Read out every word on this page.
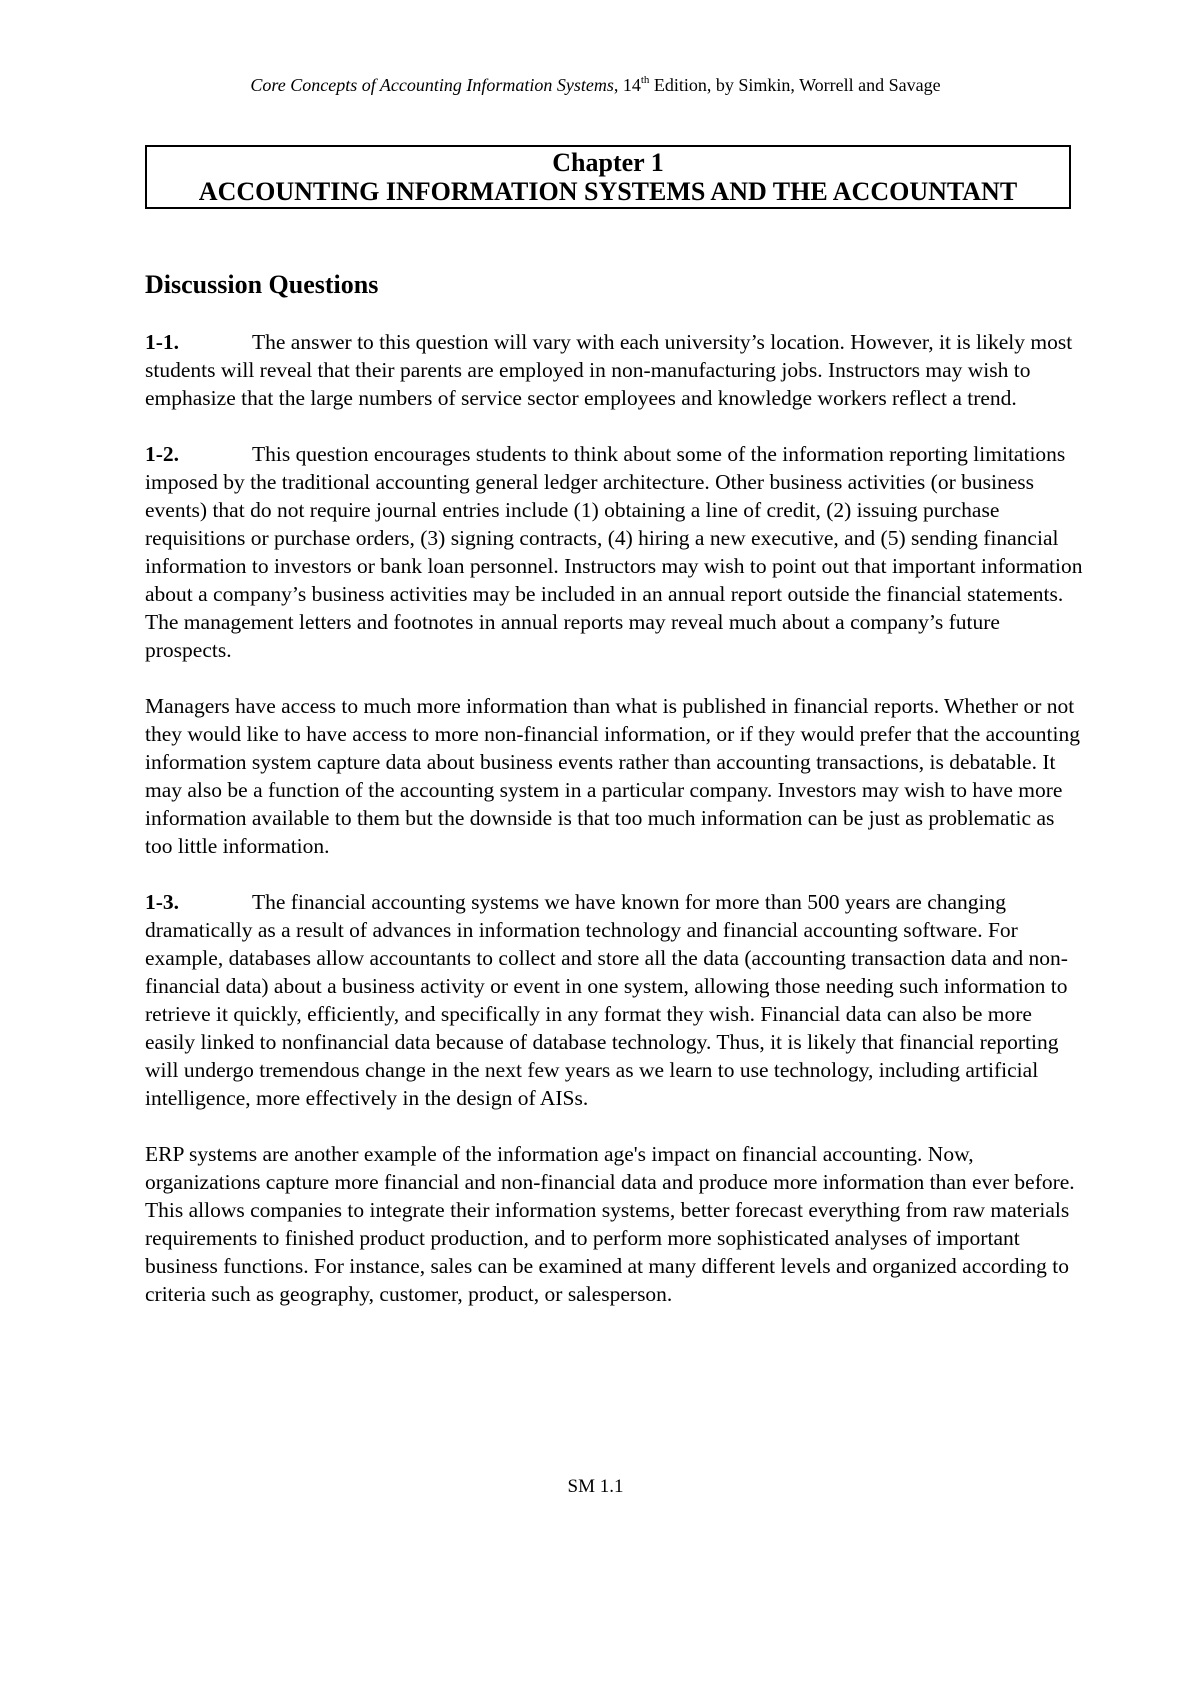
Core Concepts of Accounting Information Systems, 14th Edition, by Simkin, Worrell and Savage
Chapter 1
ACCOUNTING INFORMATION SYSTEMS AND THE ACCOUNTANT
Discussion Questions

1-1.	The answer to this question will vary with each university’s location. However, it is likely most students will reveal that their parents are employed in non-manufacturing jobs. Instructors may wish to emphasize that the large numbers of service sector employees and knowledge workers reflect a trend.

1-2.	This question encourages students to think about some of the information reporting limitations imposed by the traditional accounting general ledger architecture. Other business activities (or business events) that do not require journal entries include (1) obtaining a line of credit, (2) issuing purchase requisitions or purchase orders, (3) signing contracts, (4) hiring a new executive, and (5) sending financial information to investors or bank loan personnel. Instructors may wish to point out that important information about a company’s business activities may be included in an annual report outside the financial statements. The management letters and footnotes in annual reports may reveal much about a company’s future prospects.

Managers have access to much more information than what is published in financial reports. Whether or not they would like to have access to more non-financial information, or if they would prefer that the accounting information system capture data about business events rather than accounting transactions, is debatable. It may also be a function of the accounting system in a particular company. Investors may wish to have more information available to them but the downside is that too much information can be just as problematic as too little information.

1-3.	The financial accounting systems we have known for more than 500 years are changing dramatically as a result of advances in information technology and financial accounting software. For example, databases allow accountants to collect and store all the data (accounting transaction data and non-financial data) about a business activity or event in one system, allowing those needing such information to retrieve it quickly, efficiently, and specifically in any format they wish. Financial data can also be more easily linked to nonfinancial data because of database technology. Thus, it is likely that financial reporting will undergo tremendous change in the next few years as we learn to use technology, including artificial intelligence, more effectively in the design of AISs.

ERP systems are another example of the information age's impact on financial accounting. Now, organizations capture more financial and non-financial data and produce more information than ever before. This allows companies to integrate their information systems, better forecast everything from raw materials requirements to finished product production, and to perform more sophisticated analyses of important business functions. For instance, sales can be examined at many different levels and organized according to criteria such as geography, customer, product, or salesperson.

SM 1.1
